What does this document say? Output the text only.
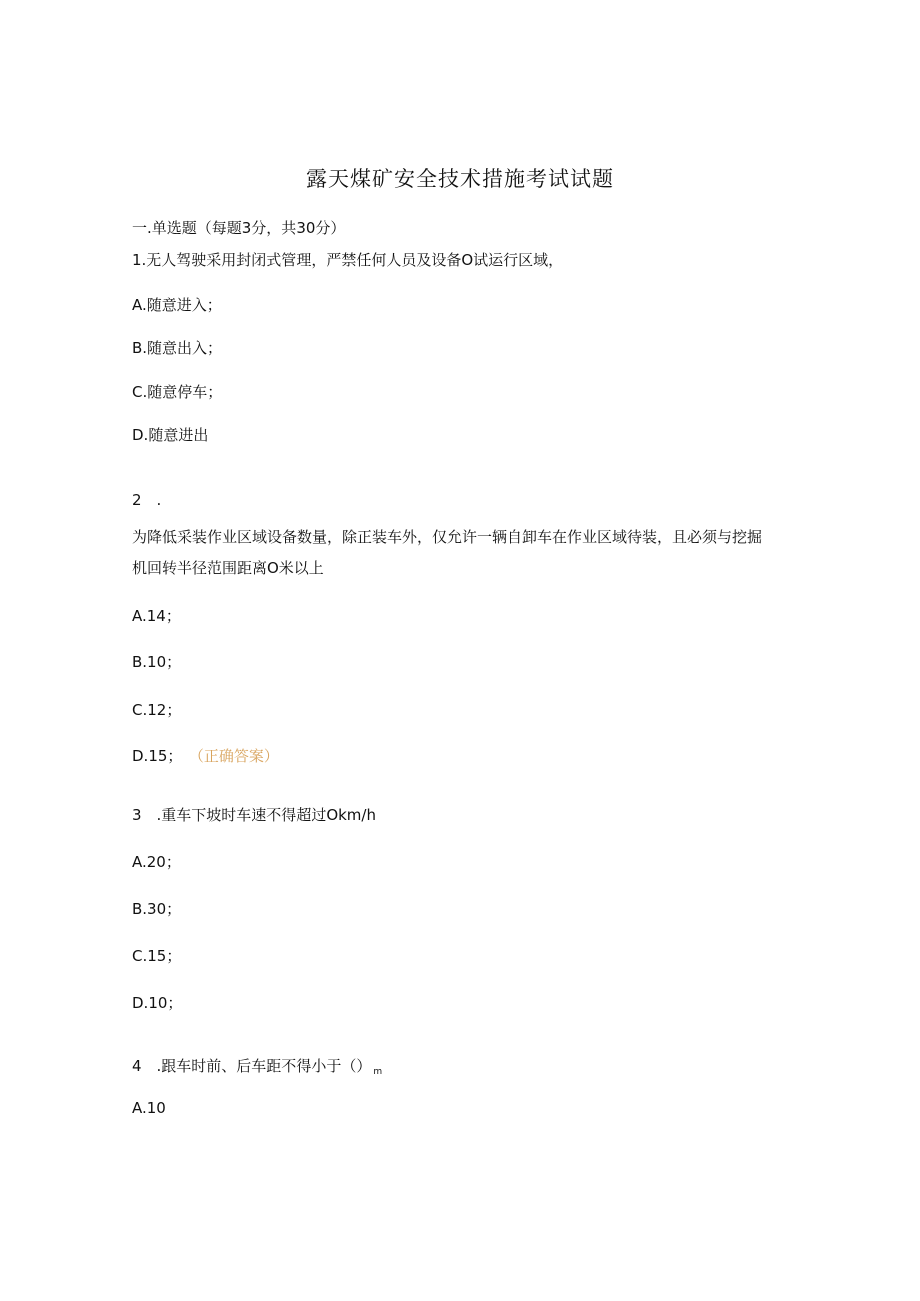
露天煤矿安全技术措施考试试题
一.单选题（每题3分，共30分）
1.无人驾驶采用封闭式管理，严禁任何人员及设备O试运行区域，
A.随意进入；
B.随意出入；
C.随意停车；
D.随意进出
2　.
为降低采装作业区域设备数量，除正装车外，仅允许一辆自卸车在作业区域待装，且必须与挖掘机回转半径范围距离O米以上
A.14；
B.10；
C.12；
D.15； （正确答案）
3　.重车下坡时车速不得超过Okm/h
A.20；
B.30；
C.15；
D.10；
4　.跟车时前、后车距不得小于（） $_m$
A.10
